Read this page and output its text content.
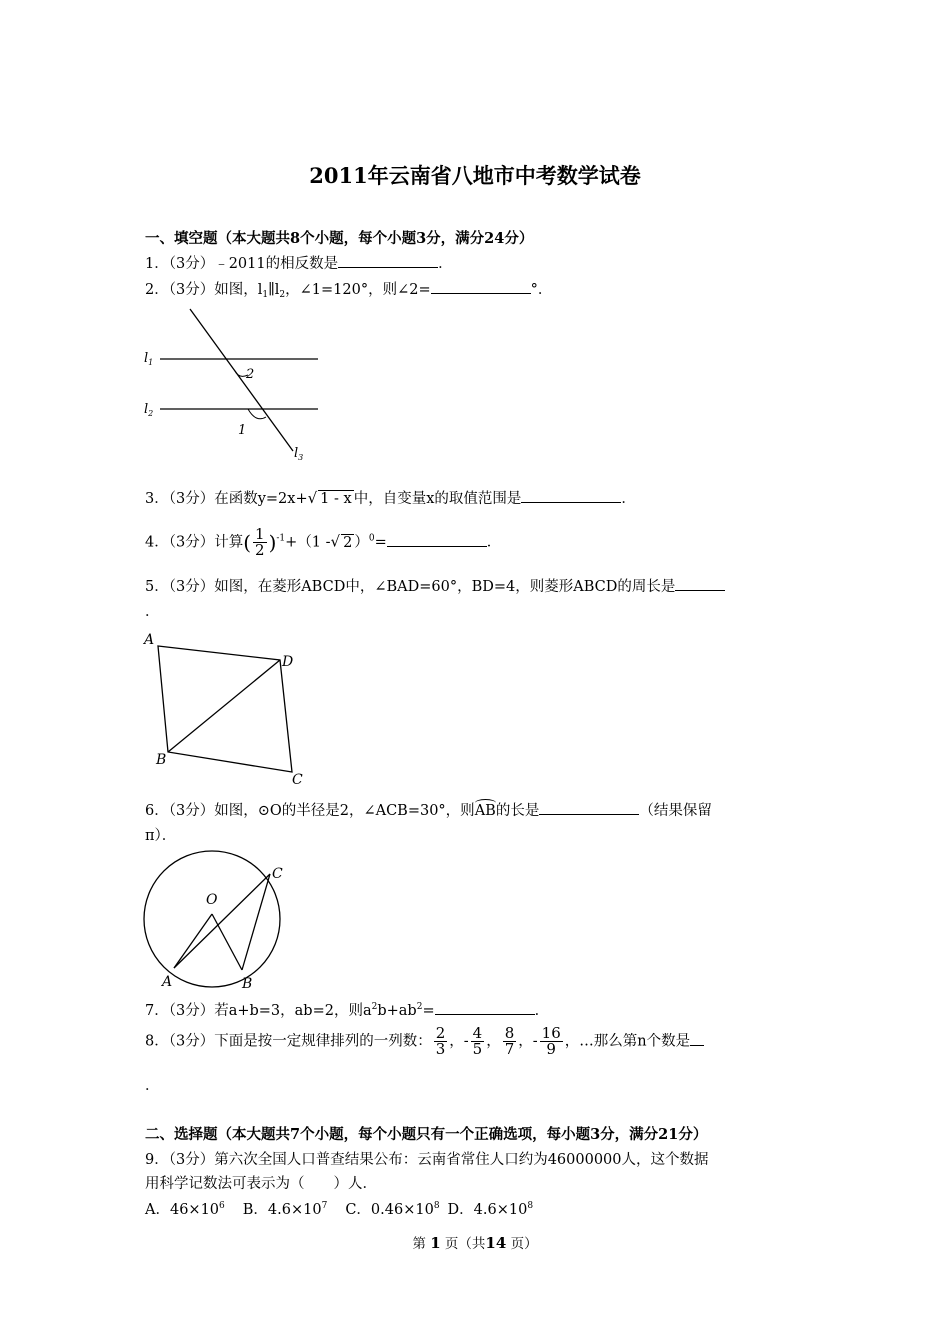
2011年云南省八地市中考数学试卷
一、填空题（本大题共8个小题，每个小题3分，满分24分）
1．（3分）﹣2011的相反数是	．
2．（3分）如图，$l_1\parallel l_2$，∠1=120°，则∠2=	°．
$l_1$
$l_2$
$l_3$
2
1
3．（3分）在函数y=2x+√ 1 - x 中，自变量x的取值范围是	．
4．（3分）计算( $\frac{1}{2} )^{-1}+(1$ -√ 2 ）$^0$=	．
5．（3分）如图，在菱形ABCD中，∠BAD=60°，BD=4，则菱形ABCD的周长是
．
A
D
B
C
6．（3分）如图，⊙O的半径是2，∠ACB=30°，则AB的长是	（结果保留
π）．
O
C
A	B
7．（3分）若a+b=3，ab=2，则$a^2b+ab^2=$	．
8．（3分）下面是按一定规律排列的一列数： $\frac{2}{3}$ ，- $\frac{4}{5}$ ， $\frac{8}{7}$ ，- $\frac{16}{9}$ ，…那么第n个数是
．
二、选择题（本大题共7个小题，每个小题只有一个正确选项，每小题3分，满分21分）
9．（3分）第六次全国人口普查结果公布：云南省常住人口约为46000000人，这个数据
用科学记数法可表示为（　　）人．
A．$46\times 10^6$ B．$4.6\times 10^7$ C．$0.46\times 10^8$ D．$4.6\times 10^8$
第 1 页（共14 页）
